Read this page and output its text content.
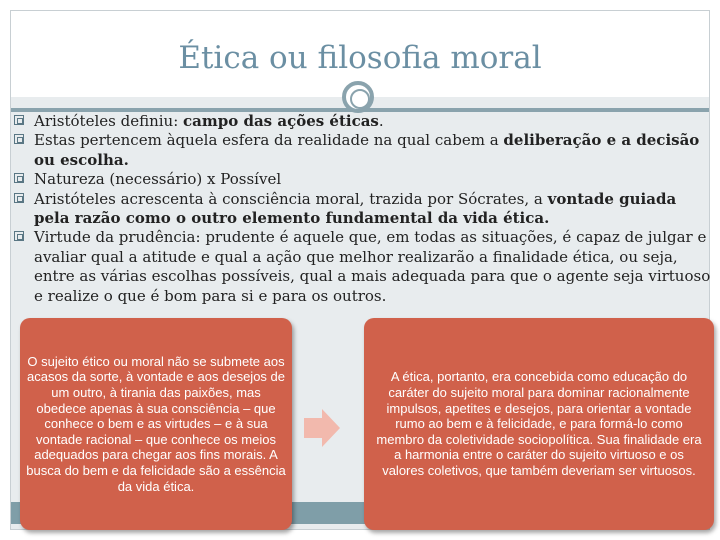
Ética ou filosofia moral
Aristóteles definiu: campo das ações éticas.
Estas pertencem àquela esfera da realidade na qual cabem a deliberação e a decisão ou escolha.
Natureza (necessário) x Possível
Aristóteles acrescenta à consciência moral, trazida por Sócrates, a vontade guiada pela razão como o outro elemento fundamental da vida ética.
Virtude da prudência: prudente é aquele que, em todas as situações, é capaz de julgar e avaliar qual a atitude e qual a ação que melhor realizarão a finalidade ética, ou seja, entre as várias escolhas possíveis, qual a mais adequada para que o agente seja virtuoso e realize o que é bom para si e para os outros.
O sujeito ético ou moral não se submete aos acasos da sorte, à vontade e aos desejos de um outro, à tirania das paixões, mas obedece apenas à sua consciência – que conhece o bem e as virtudes – e à sua vontade racional – que conhece os meios adequados para chegar aos fins morais. A busca do bem e da felicidade são a essência da vida ética.
A ética, portanto, era concebida como educação do caráter do sujeito moral para dominar racionalmente impulsos, apetites e desejos, para orientar a vontade rumo ao bem e à felicidade, e para formá-lo como membro da coletividade sociopolítica. Sua finalidade era a harmonia entre o caráter do sujeito virtuoso e os valores coletivos, que também deveriam ser virtuosos.
